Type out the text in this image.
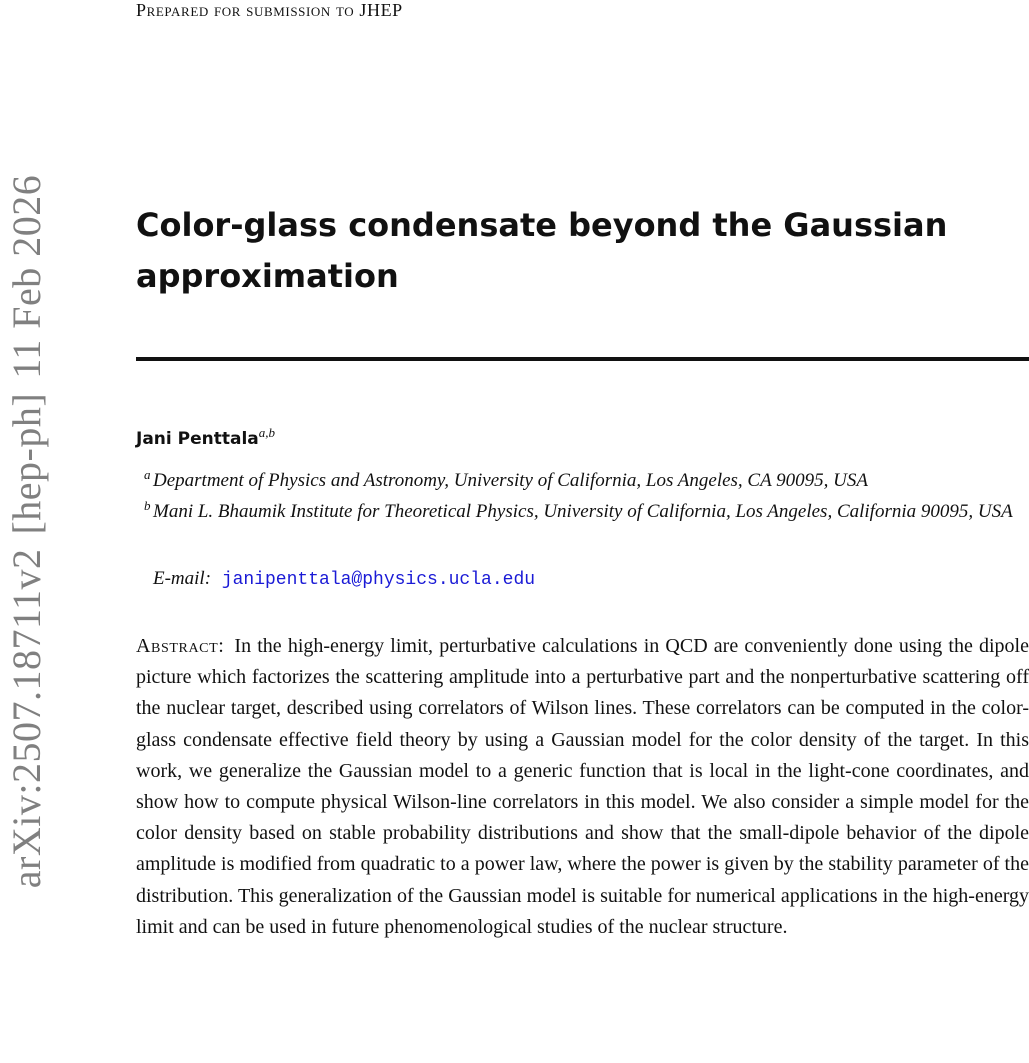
arXiv:2507.18711v2
[hep-ph]
11 Feb 2026
Prepared for submission to JHEP
Color-glass condensate beyond the Gaussian approximation
Jani Penttala$^{a,b}$
a Department of Physics and Astronomy, University of California, Los Angeles, CA 90095, USA
b Mani L. Bhaumik Institute for Theoretical Physics, University of California, Los Angeles, California 90095, USA
E-mail: janipenttala@physics.ucla.edu

Abstract: In the high-energy limit, perturbative calculations in QCD are conveniently done using the dipole picture which factorizes the scattering amplitude into a perturbative part and the nonperturbative scattering off the nuclear target, described using correlators of Wilson lines. These correlators can be computed in the color-glass condensate effective field theory by using a Gaussian model for the color density of the target. In this work, we generalize the Gaussian model to a generic function that is local in the light-cone coordinates, and show how to compute physical Wilson-line correlators in this model. We also consider a simple model for the color density based on stable probability distributions and show that the small-dipole behavior of the dipole amplitude is modified from quadratic to a power law, where the power is given by the stability parameter of the distribution. This generalization of the Gaussian model is suitable for numerical applications in the high-energy limit and can be used in future phenomenological studies of the nuclear structure.
